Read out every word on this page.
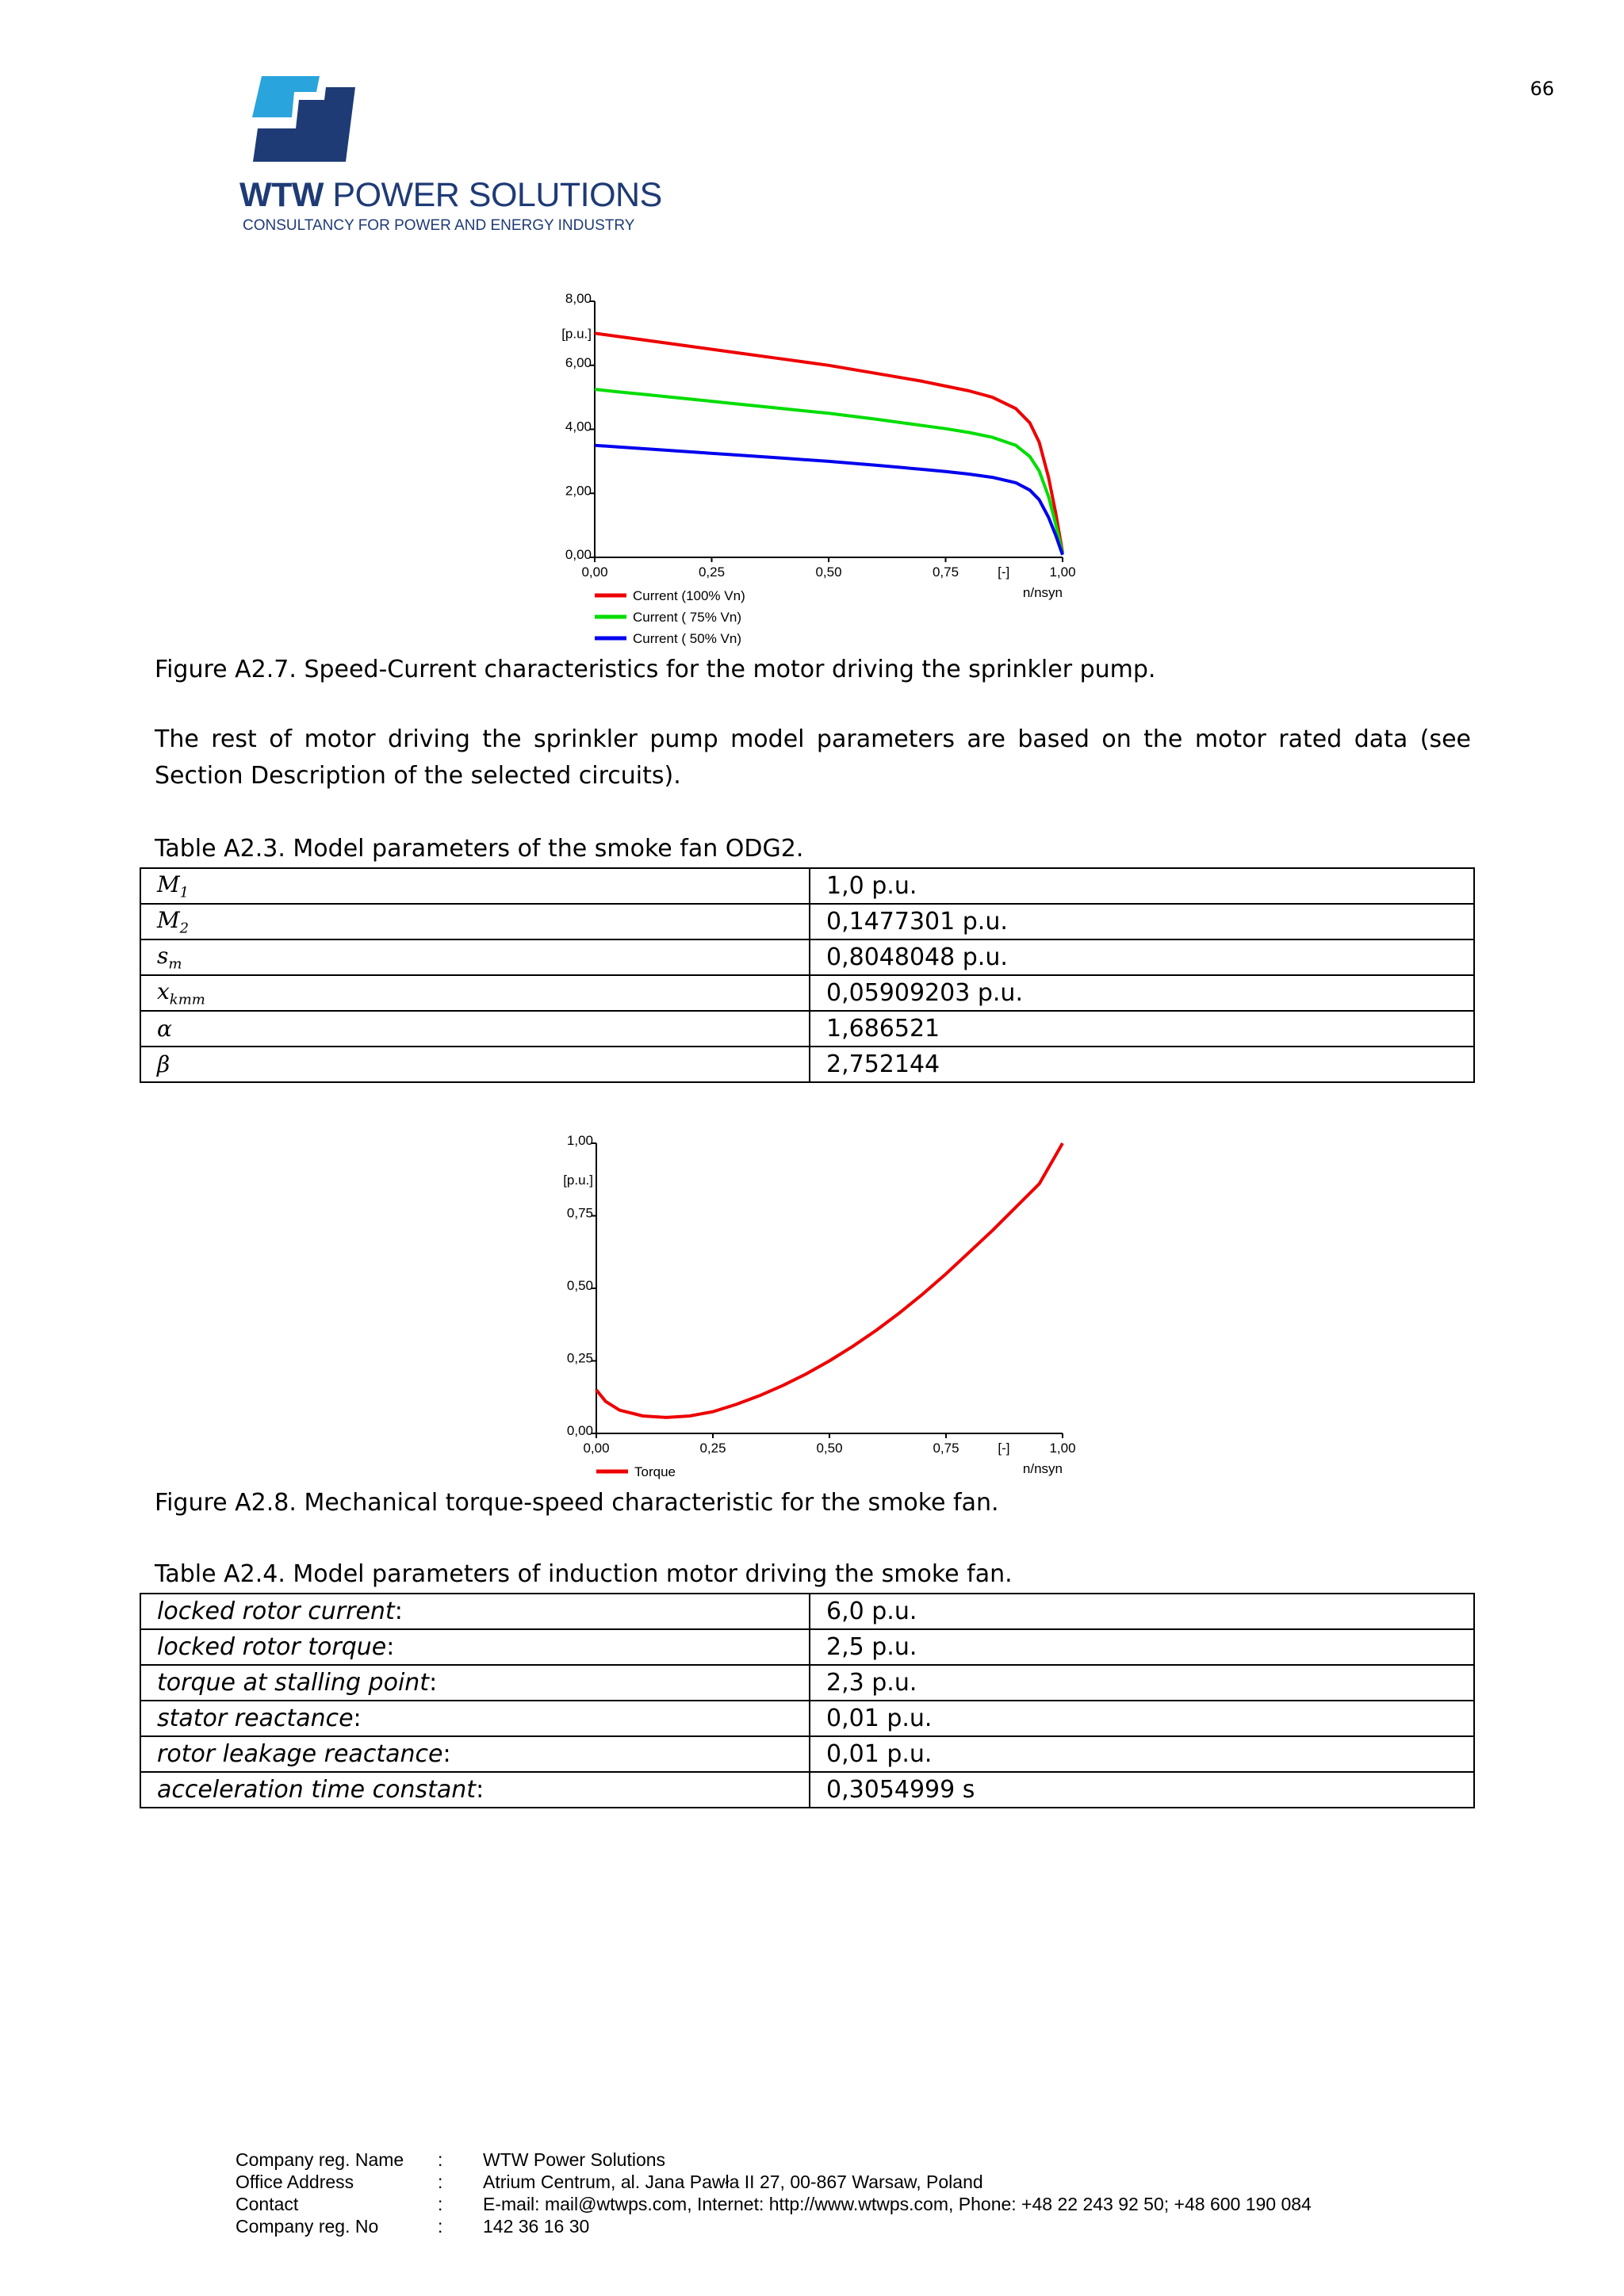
66
WTW POWER SOLUTIONS
CONSULTANCY FOR POWER AND ENERGY INDUSTRY
0,00
2,00
4,00
6,00
8,00
[p.u.]
0,00	0,25	0,50	0,75	1,00
[-]
n/nsyn
Current (100% Vn)
Current ( 75% Vn)
Current ( 50% Vn)
Figure A2.7. Speed-Current characteristics for the motor driving the sprinkler pump.
The rest of motor driving the sprinkler pump model parameters are based on the motor rated data (see Section Description of the selected circuits).
Table A2.3. Model parameters of the smoke fan ODG2.
$M_1$	1,0 p.u.
$M_2$	0,1477301 p.u.
$s_m$	0,8048048 p.u.
$x_{kmm}$	0,05909203 p.u.
α	1,686521
β	2,752144
0,00
0,25
0,50
0,75
1,00
[p.u.]
0,00	0,25	0,50	0,75	1,00
[-]
n/nsyn
Torque
Figure A2.8. Mechanical torque-speed characteristic for the smoke fan.
Table A2.4. Model parameters of induction motor driving the smoke fan.
locked rotor current:	6,0 p.u.
locked rotor torque:	2,5 p.u.
torque at stalling point:	2,3 p.u.
stator reactance:	0,01 p.u.
rotor leakage reactance:	0,01 p.u.
acceleration time constant:	0,3054999 s
Company reg. Name : WTW Power Solutions
Office Address	: Atrium Centrum, al. Jana Pawła II 27, 00-867 Warsaw, Poland
Contact	: E-mail: mail@wtwps.com, Internet: http://www.wtwps.com, Phone: +48 22 243 92 50; +48 600 190 084
Company reg. No	: 142 36 16 30
